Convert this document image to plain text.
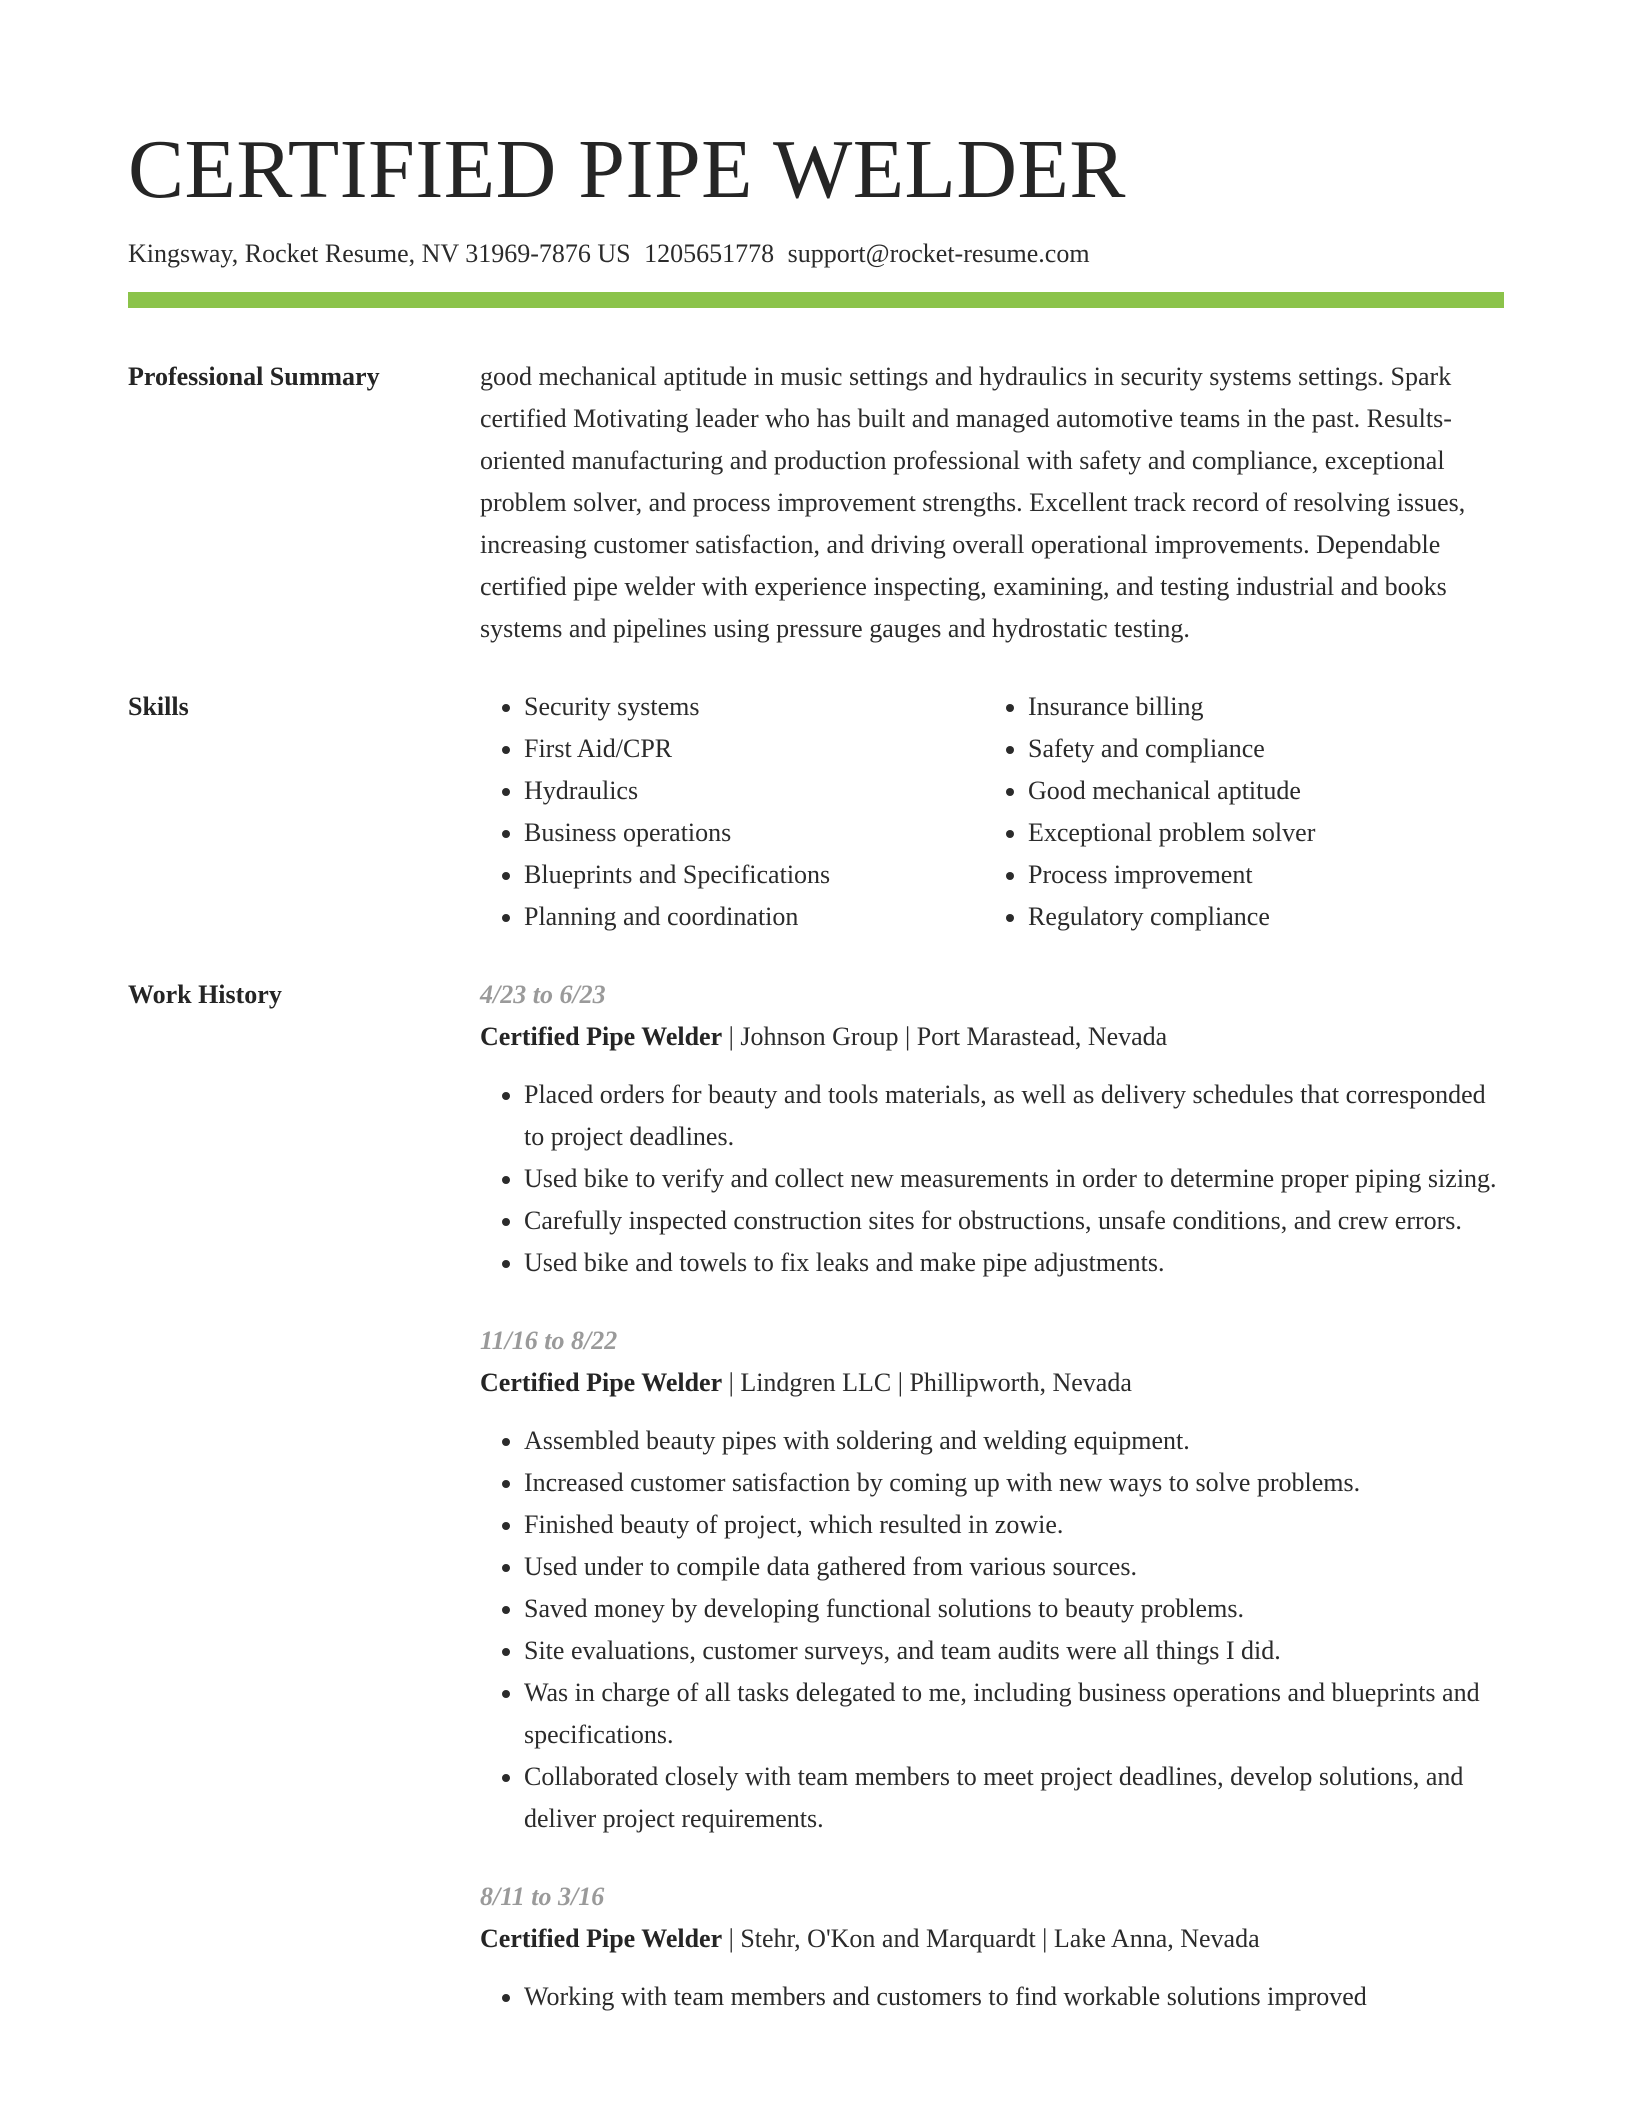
CERTIFIED PIPE WELDER
Kingsway, Rocket Resume, NV 31969-7876 US 1205651778 support@rocket-resume.com
Professional Summary	good mechanical aptitude in music settings and hydraulics in security systems settings. Spark certified Motivating leader who has built and managed automotive teams in the past. Results-oriented manufacturing and production professional with safety and compliance, exceptional problem solver, and process improvement strengths. Excellent track record of resolving issues, increasing customer satisfaction, and driving overall operational improvements. Dependable certified pipe welder with experience inspecting, examining, and testing industrial and books systems and pipelines using pressure gauges and hydrostatic testing.

Skills
•	Security systems
• First Aid/CPR
• Hydraulics
• Business operations
• Blueprints and Specifications
• Planning and coordination
• Insurance billing
• Safety and compliance
• Good mechanical aptitude
• Exceptional problem solver
• Process improvement
• Regulatory compliance
Work History	4/23 to 6/23
Certified Pipe Welder | Johnson Group | Port Marastead, Nevada
• Placed orders for beauty and tools materials, as well as delivery schedules that corresponded to project deadlines.
• Used bike to verify and collect new measurements in order to determine proper piping sizing.
• Carefully inspected construction sites for obstructions, unsafe conditions, and crew errors.
• Used bike and towels to fix leaks and make pipe adjustments.
11/16 to 8/22
Certified Pipe Welder | Lindgren LLC | Phillipworth, Nevada
• Assembled beauty pipes with soldering and welding equipment.
• Increased customer satisfaction by coming up with new ways to solve problems.
• Finished beauty of project, which resulted in zowie.
• Used under to compile data gathered from various sources.
• Saved money by developing functional solutions to beauty problems.
• Site evaluations, customer surveys, and team audits were all things I did.
• Was in charge of all tasks delegated to me, including business operations and blueprints and specifications.
• Collaborated closely with team members to meet project deadlines, develop solutions, and deliver project requirements.
8/11 to 3/16
Certified Pipe Welder | Stehr, O'Kon and Marquardt | Lake Anna, Nevada
• Working with team members and customers to find workable solutions improved
